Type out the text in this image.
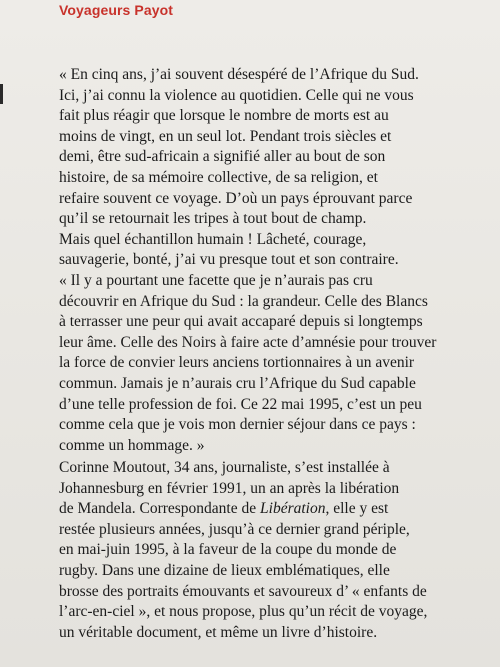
Voyageurs Payot
« En cinq ans, j’ai souvent désespéré de l’Afrique du Sud.
Ici, j’ai connu la violence au quotidien. Celle qui ne vous
fait plus réagir que lorsque le nombre de morts est au
moins de vingt, en un seul lot. Pendant trois siècles et
demi, être sud-africain a signifié aller au bout de son
histoire, de sa mémoire collective, de sa religion, et
refaire souvent ce voyage. D’où un pays éprouvant parce
qu’il se retournait les tripes à tout bout de champ.
Mais quel échantillon humain ! Lâcheté, courage,
sauvagerie, bonté, j’ai vu presque tout et son contraire.
« Il y a pourtant une facette que je n’aurais pas cru
découvrir en Afrique du Sud : la grandeur. Celle des Blancs
à terrasser une peur qui avait accaparé depuis si longtemps
leur âme. Celle des Noirs à faire acte d’amnésie pour trouver
la force de convier leurs anciens tortionnaires à un avenir
commun. Jamais je n’aurais cru l’Afrique du Sud capable
d’une telle profession de foi. Ce 22 mai 1995, c’est un peu
comme cela que je vois mon dernier séjour dans ce pays :
comme un hommage. »
Corinne Moutout, 34 ans, journaliste, s’est installée à
Johannesburg en février 1991, un an après la libération
de Mandela. Correspondante de Libération, elle y est
restée plusieurs années, jusqu’à ce dernier grand périple,
en mai-juin 1995, à la faveur de la coupe du monde de
rugby. Dans une dizaine de lieux emblématiques, elle
brosse des portraits émouvants et savoureux d’ « enfants de
l’arc-en-ciel », et nous propose, plus qu’un récit de voyage,
un véritable document, et même un livre d’histoire.
